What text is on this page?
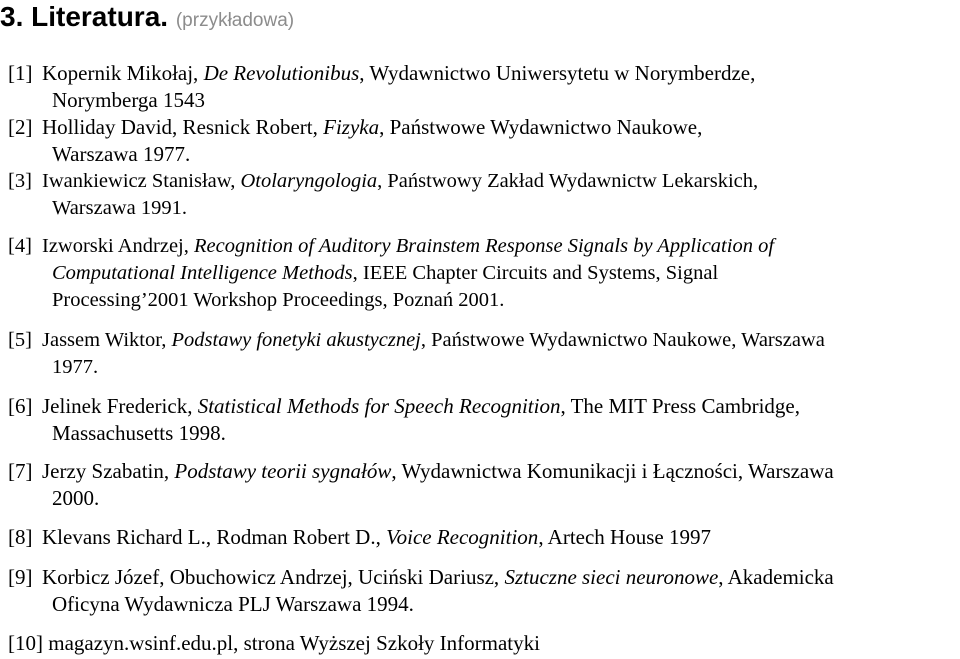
3. Literatura. (przykładowa)
[1] Kopernik Mikołaj, De Revolutionibus, Wydawnictwo Uniwersytetu w Norymberdze,
Norymberga 1543
[2] Holliday David, Resnick Robert, Fizyka, Państwowe Wydawnictwo Naukowe,
Warszawa 1977.
[3] Iwankiewicz Stanisław, Otolaryngologia, Państwowy Zakład Wydawnictw Lekarskich,
Warszawa 1991.
[4] Izworski Andrzej, Recognition of Auditory Brainstem Response Signals by Application of
Computational Intelligence Methods, IEEE Chapter Circuits and Systems, Signal
Processing’2001 Workshop Proceedings, Poznań 2001.
[5] Jassem Wiktor, Podstawy fonetyki akustycznej, Państwowe Wydawnictwo Naukowe, Warszawa
1977.
[6] Jelinek Frederick, Statistical Methods for Speech Recognition, The MIT Press Cambridge,
Massachusetts 1998.
[7] Jerzy Szabatin, Podstawy teorii sygnałów, Wydawnictwa Komunikacji i Łączności, Warszawa
2000.
[8] Klevans Richard L., Rodman Robert D., Voice Recognition, Artech House 1997
[9] Korbicz Józef, Obuchowicz Andrzej, Uciński Dariusz, Sztuczne sieci neuronowe, Akademicka
Oficyna Wydawnicza PLJ Warszawa 1994.
[10] magazyn.wsinf.edu.pl, strona Wyższej Szkoły Informatyki
